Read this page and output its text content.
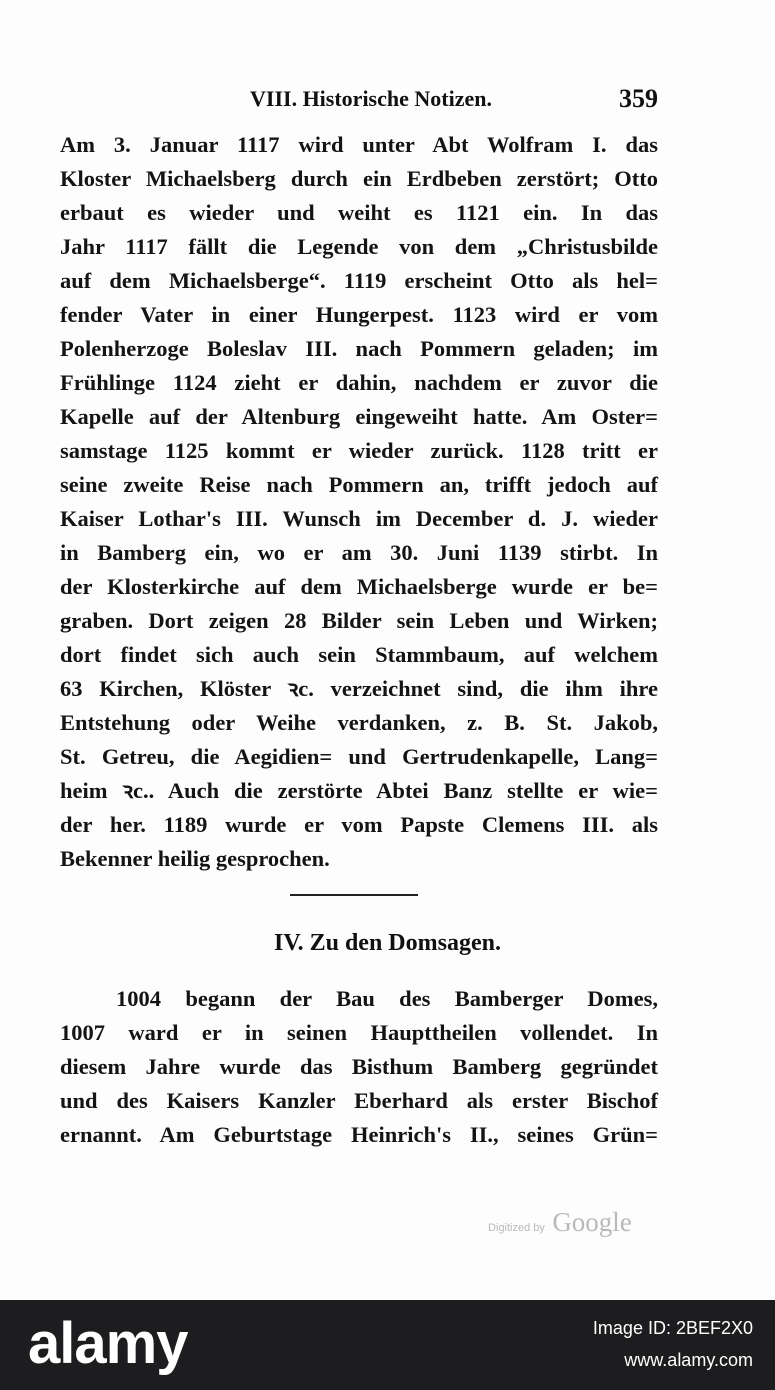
VIII. Historische Notizen.	359
Am 3. Januar 1117 wird unter Abt Wolfram I. das
Kloster Michaelsberg durch ein Erdbeben zerstört; Otto
erbaut es wieder und weiht es 1121 ein. In das
Jahr 1117 fällt die Legende von dem „Christusbilde
auf dem Michaelsberge“. 1119 erscheint Otto als hel=
fender Vater in einer Hungerpest. 1123 wird er vom
Polenherzoge Boleslav III. nach Pommern geladen; im
Frühlinge 1124 zieht er dahin, nachdem er zuvor die
Kapelle auf der Altenburg eingeweiht hatte. Am Oster=
samstage 1125 kommt er wieder zurück. 1128 tritt er
seine zweite Reise nach Pommern an, trifft jedoch auf
Kaiser Lothar's III. Wunsch im December d. J. wieder
in Bamberg ein, wo er am 30. Juni 1139 stirbt. In
der Klosterkirche auf dem Michaelsberge wurde er be=
graben. Dort zeigen 28 Bilder sein Leben und Wirken;
dort findet sich auch sein Stammbaum, auf welchem
63 Kirchen, Klöster ꝛc. verzeichnet sind, die ihm ihre
Entstehung oder Weihe verdanken, z. B. St. Jakob,
St. Getreu, die Aegidien= und Gertrudenkapelle, Lang=
heim ꝛc.. Auch die zerstörte Abtei Banz stellte er wie=
der her. 1189 wurde er vom Papste Clemens III. als
Bekenner heilig gesprochen.
IV. Zu den Domsagen.
1004 begann der Bau des Bamberger Domes,
1007 ward er in seinen Haupttheilen vollendet. In
diesem Jahre wurde das Bisthum Bamberg gegründet
und des Kaisers Kanzler Eberhard als erster Bischof
ernannt. Am Geburtstage Heinrich's II., seines Grün=
Digitized by Google
alamy	Image ID: 2BEF2X0
www.alamy.com
